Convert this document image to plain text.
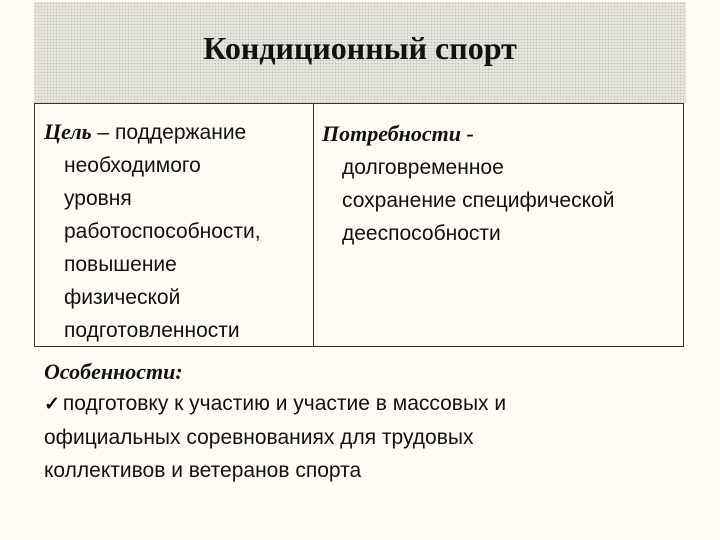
Кондиционный спорт
Цель – поддержание
необходимого
уровня
работоспособности,
повышение
физической
подготовленности
Потребности -
долговременное
сохранение специфической
дееспособности
Особенности:
✓ подготовку к участию и участие в массовых и
официальных соревнованиях для трудовых
коллективов и ветеранов спорта
